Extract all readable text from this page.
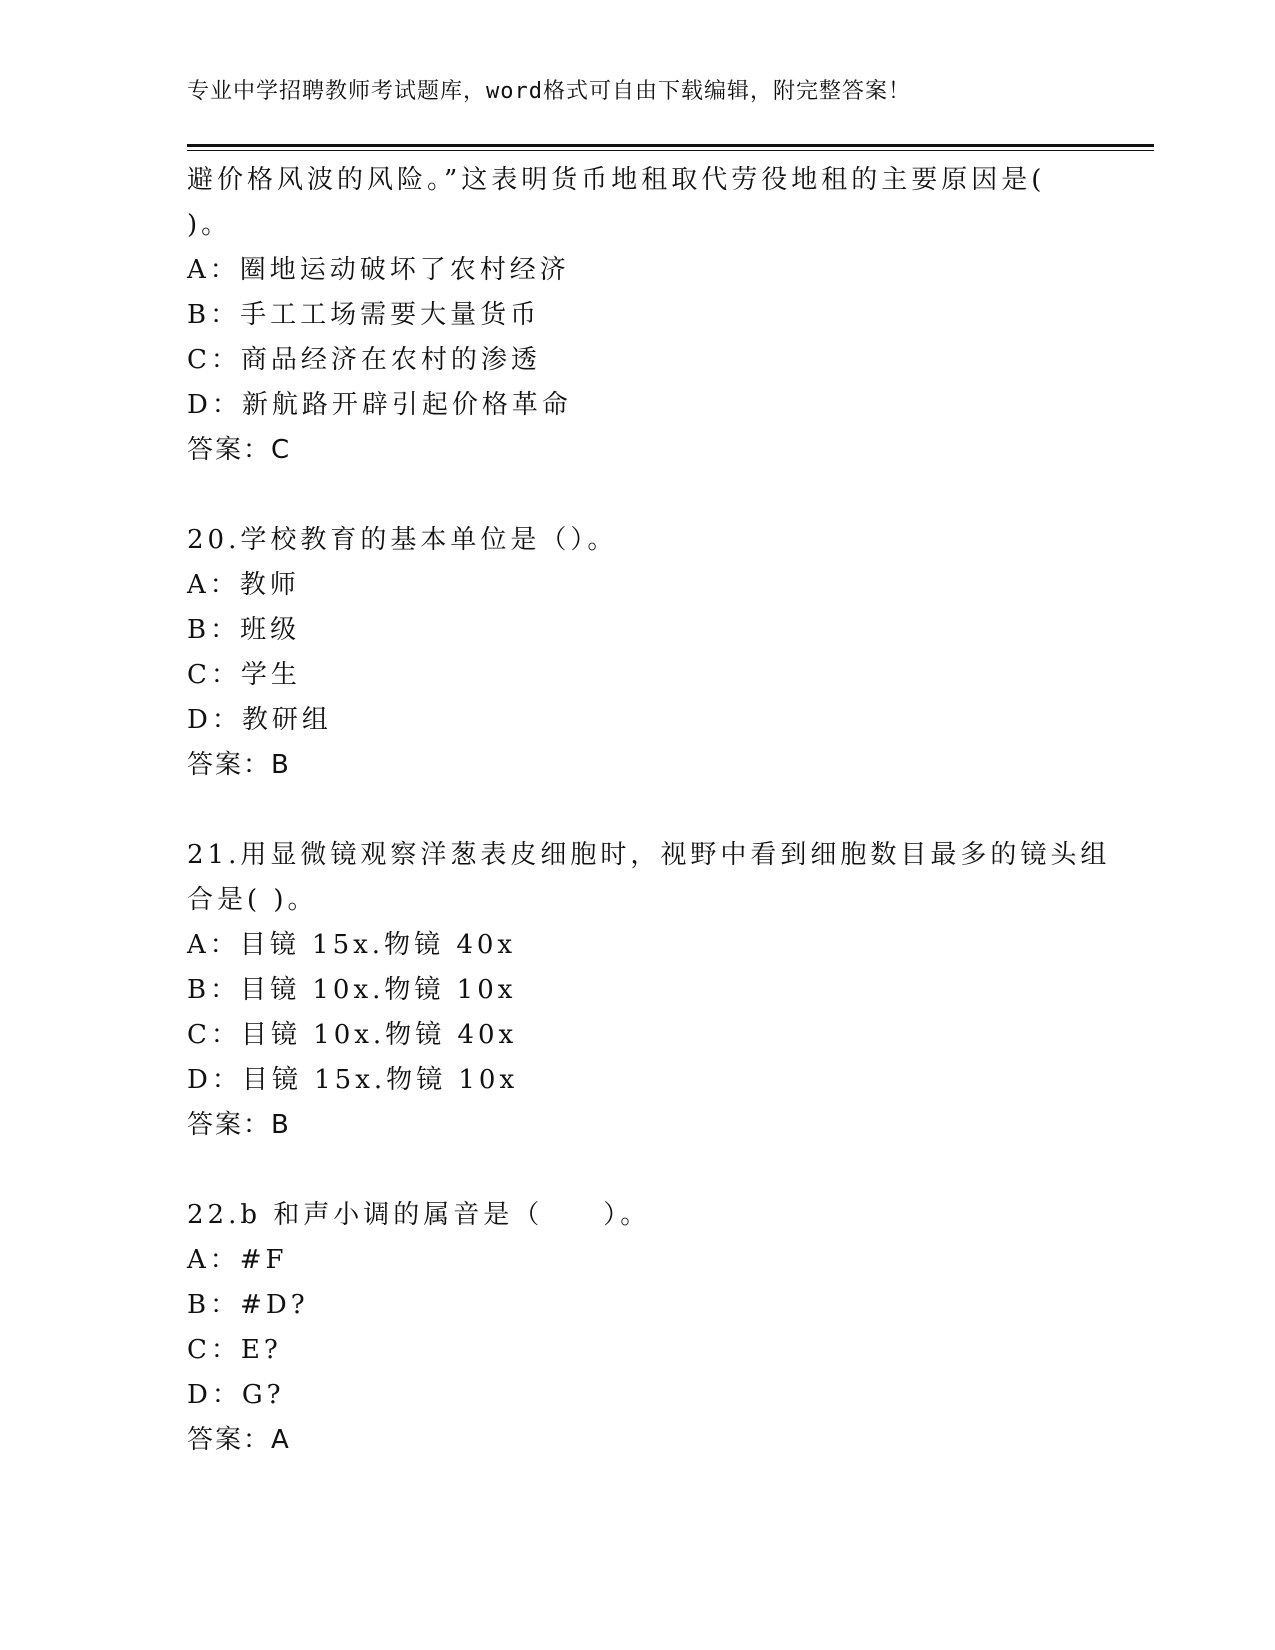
专业中学招聘教师考试题库，word格式可自由下载编辑，附完整答案！
避价格风波的风险。”这表明货币地租取代劳役地租的主要原因是(
)。
A：圈地运动破坏了农村经济
B：手工工场需要大量货币
C：商品经济在农村的渗透
D：新航路开辟引起价格革命
答案：C
20.学校教育的基本单位是（）。
A：教师
B：班级
C：学生
D：教研组
答案：B
21.用显微镜观察洋葱表皮细胞时，视野中看到细胞数目最多的镜头组
合是( )。
A：目镜 15x.物镜 40x
B：目镜 10x.物镜 10x
C：目镜 10x.物镜 40x
D：目镜 15x.物镜 10x
答案：B
22.b 和声小调的属音是（　　）。
A：#F
B：#D?
C：E?
D：G?
答案：A
